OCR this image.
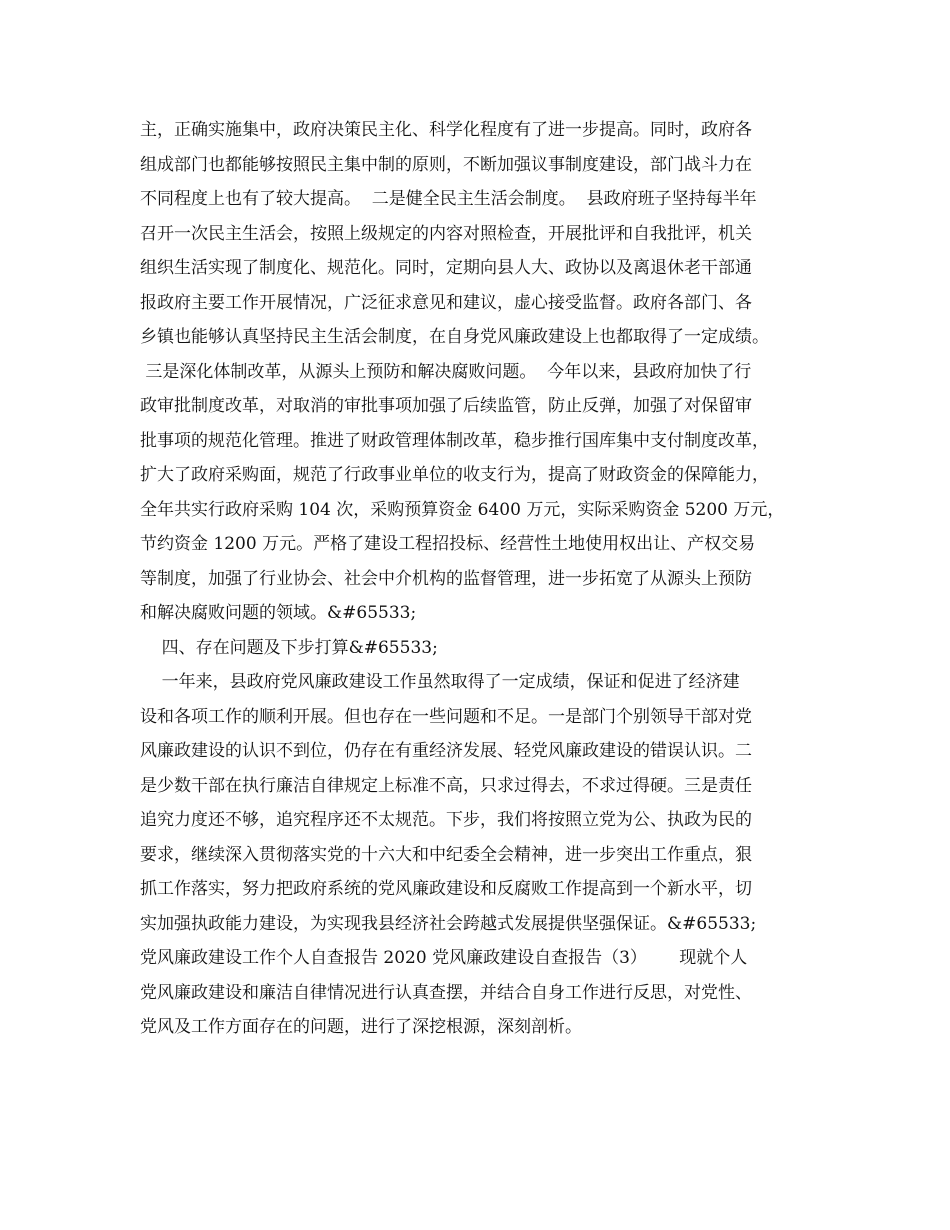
主，正确实施集中，政府决策民主化、科学化程度有了进一步提高。同时，政府各
组成部门也都能够按照民主集中制的原则，不断加强议事制度建设，部门战斗力在
不同程度上也有了较大提高。  二是健全民主生活会制度。  县政府班子坚持每半年
召开一次民主生活会，按照上级规定的内容对照检查，开展批评和自我批评，机关
组织生活实现了制度化、规范化。同时，定期向县人大、政协以及离退休老干部通
报政府主要工作开展情况，广泛征求意见和建议，虚心接受监督。政府各部门、各
乡镇也能够认真坚持民主生活会制度，在自身党风廉政建设上也都取得了一定成绩。
三是深化体制改革，从源头上预防和解决腐败问题。  今年以来，县政府加快了行
政审批制度改革，对取消的审批事项加强了后续监管，防止反弹，加强了对保留审
批事项的规范化管理。推进了财政管理体制改革，稳步推行国库集中支付制度改革，
扩大了政府采购面，规范了行政事业单位的收支行为，提高了财政资金的保障能力，
全年共实行政府采购 104 次，采购预算资金 6400 万元，实际采购资金 5200 万元，
节约资金 1200 万元。严格了建设工程招投标、经营性土地使用权出让、产权交易
等制度，加强了行业协会、社会中介机构的监督管理，进一步拓宽了从源头上预防
和解决腐败问题的领域。&#65533;
四、存在问题及下步打算&#65533;
一年来，县政府党风廉政建设工作虽然取得了一定成绩，保证和促进了经济建
设和各项工作的顺利开展。但也存在一些问题和不足。一是部门个别领导干部对党
风廉政建设的认识不到位，仍存在有重经济发展、轻党风廉政建设的错误认识。二
是少数干部在执行廉洁自律规定上标准不高，只求过得去，不求过得硬。三是责任
追究力度还不够，追究程序还不太规范。下步，我们将按照立党为公、执政为民的
要求，继续深入贯彻落实党的十六大和中纪委全会精神，进一步突出工作重点，狠
抓工作落实，努力把政府系统的党风廉政建设和反腐败工作提高到一个新水平，切
实加强执政能力建设，为实现我县经济社会跨越式发展提供坚强保证。&#65533;
党风廉政建设工作个人自查报告 2020 党风廉政建设自查报告（3）      现就个人
党风廉政建设和廉洁自律情况进行认真查摆，并结合自身工作进行反思，对党性、
党风及工作方面存在的问题，进行了深挖根源，深刻剖析。
